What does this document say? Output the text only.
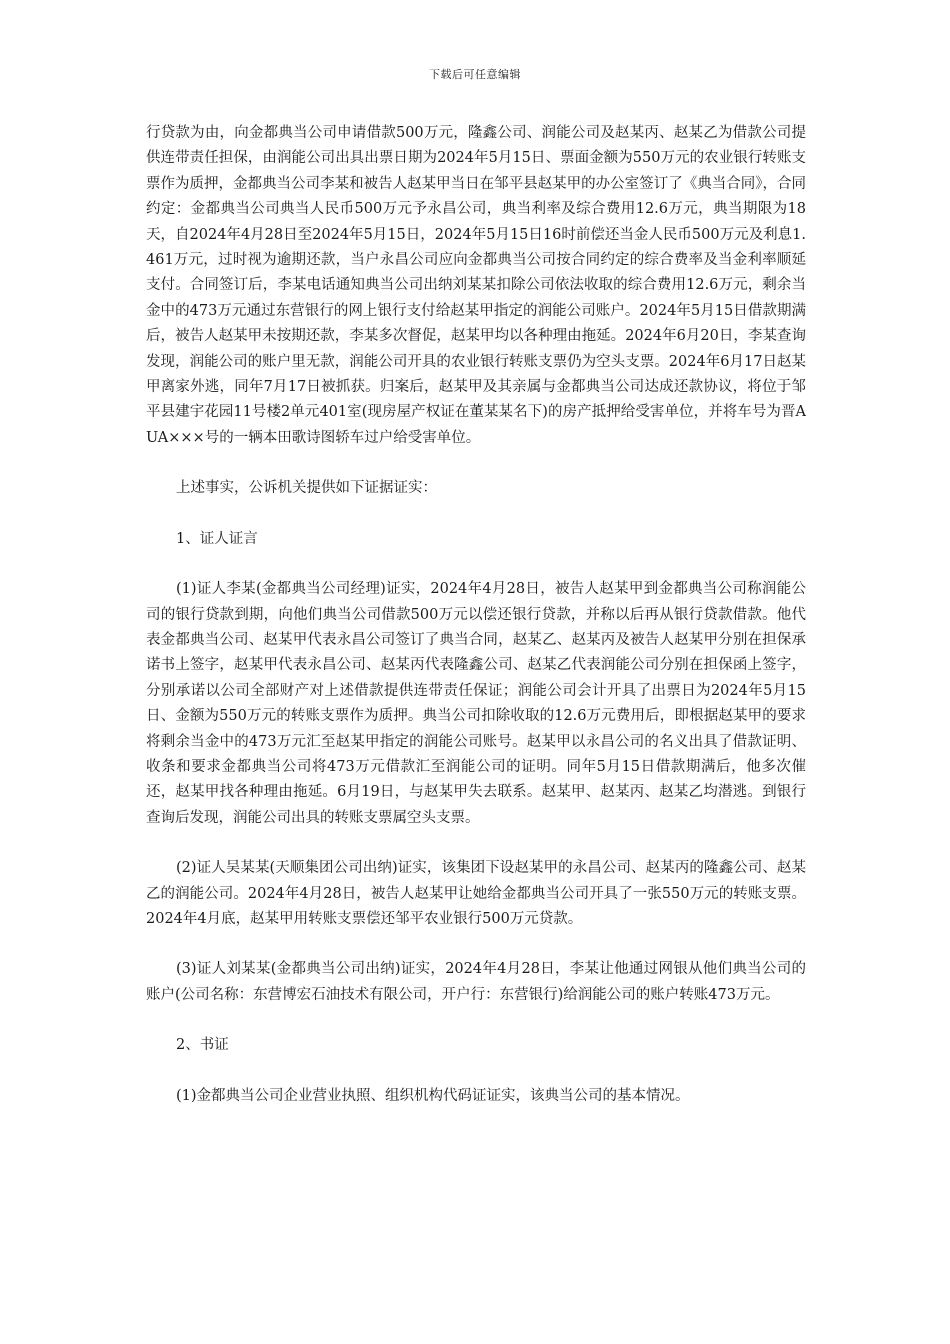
下载后可任意编辑

行贷款为由，向金都典当公司申请借款500万元，隆鑫公司、润能公司及赵某丙、赵某乙为借款公司提供连带责任担保，由润能公司出具出票日期为2024年5月15日、票面金额为550万元的农业银行转账支票作为质押，金都典当公司李某和被告人赵某甲当日在邹平县赵某甲的办公室签订了《典当合同》，合同约定：金都典当公司典当人民币500万元予永昌公司，典当利率及综合费用12.6万元，典当期限为18天，自2024年4月28日至2024年5月15日，2024年5月15日16时前偿还当金人民币500万元及利息1.461万元，过时视为逾期还款，当户永昌公司应向金都典当公司按合同约定的综合费率及当金利率顺延支付。合同签订后，李某电话通知典当公司出纳刘某某扣除公司依法收取的综合费用12.6万元，剩余当金中的473万元通过东营银行的网上银行支付给赵某甲指定的润能公司账户。2024年5月15日借款期满后，被告人赵某甲未按期还款，李某多次督促，赵某甲均以各种理由拖延。2024年6月20日，李某查询发现，润能公司的账户里无款，润能公司开具的农业银行转账支票仍为空头支票。2024年6月17日赵某甲离家外逃，同年7月17日被抓获。归案后，赵某甲及其亲属与金都典当公司达成还款协议，将位于邹平县建宇花园11号楼2单元401室(现房屋产权证在董某某名下)的房产抵押给受害单位，并将车号为晋AUA×××号的一辆本田歌诗图轿车过户给受害单位。

上述事实，公诉机关提供如下证据证实：

1、证人证言

(1)证人李某(金都典当公司经理)证实，2024年4月28日，被告人赵某甲到金都典当公司称润能公司的银行贷款到期，向他们典当公司借款500万元以偿还银行贷款，并称以后再从银行贷款借款。他代表金都典当公司、赵某甲代表永昌公司签订了典当合同，赵某乙、赵某丙及被告人赵某甲分别在担保承诺书上签字，赵某甲代表永昌公司、赵某丙代表隆鑫公司、赵某乙代表润能公司分别在担保函上签字，分别承诺以公司全部财产对上述借款提供连带责任保证；润能公司会计开具了出票日为2024年5月15日、金额为550万元的转账支票作为质押。典当公司扣除收取的12.6万元费用后，即根据赵某甲的要求将剩余当金中的473万元汇至赵某甲指定的润能公司账号。赵某甲以永昌公司的名义出具了借款证明、收条和要求金都典当公司将473万元借款汇至润能公司的证明。同年5月15日借款期满后，他多次催还，赵某甲找各种理由拖延。6月19日，与赵某甲失去联系。赵某甲、赵某丙、赵某乙均潜逃。到银行查询后发现，润能公司出具的转账支票属空头支票。

(2)证人吴某某(天顺集团公司出纳)证实，该集团下设赵某甲的永昌公司、赵某丙的隆鑫公司、赵某乙的润能公司。2024年4月28日，被告人赵某甲让她给金都典当公司开具了一张550万元的转账支票。2024年4月底，赵某甲用转账支票偿还邹平农业银行500万元贷款。

(3)证人刘某某(金都典当公司出纳)证实，2024年4月28日，李某让他通过网银从他们典当公司的账户(公司名称：东营博宏石油技术有限公司，开户行：东营银行)给润能公司的账户转账473万元。

2、书证

(1)金都典当公司企业营业执照、组织机构代码证证实，该典当公司的基本情况。
